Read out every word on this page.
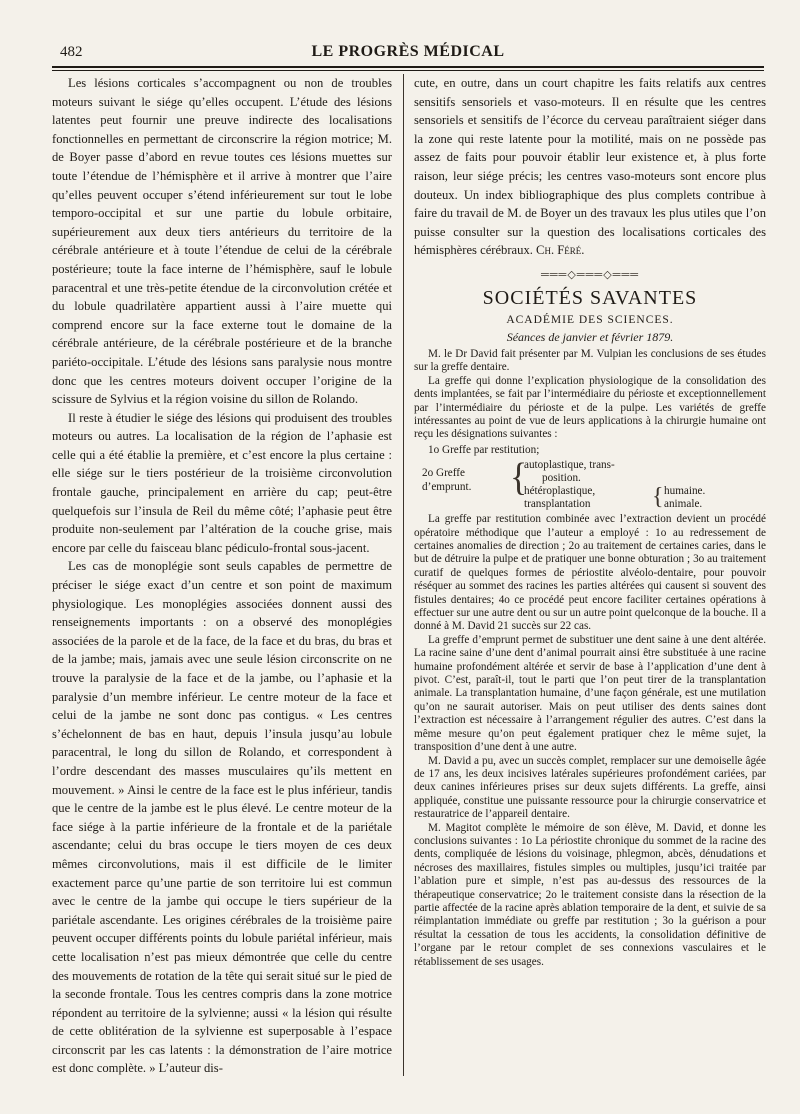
482	LE PROGRÈS MÉDICAL

Les lésions corticales s’accompagnent ou non de troubles moteurs suivant le siége qu’elles occupent. L’étude des lésions latentes peut fournir une preuve indirecte des localisations fonctionnelles en permettant de circonscrire la région motrice; M. de Boyer passe d’abord en revue toutes ces lésions muettes sur toute l’étendue de l’hémisphère et il arrive à montrer que l’aire qu’elles peuvent occuper s’étend inférieurement sur tout le lobe temporo-occipital et sur une partie du lobule orbitaire, supérieurement aux deux tiers antérieurs du territoire de la cérébrale antérieure et à toute l’étendue de celui de la cérébrale postérieure; toute la face interne de l’hémisphère, sauf le lobule paracentral et une très-petite étendue de la circonvolution crétée et du lobule quadrilatère appartient aussi à l’aire muette qui comprend encore sur la face externe tout le domaine de la cérébrale antérieure, de la cérébrale postérieure et de la branche pariéto-occipitale. L’étude des lésions sans paralysie nous montre donc que les centres moteurs doivent occuper l’origine de la scissure de Sylvius et la région voisine du sillon de Rolando.

Il reste à étudier le siége des lésions qui produisent des troubles moteurs ou autres. La localisation de la région de l’aphasie est celle qui a été établie la première, et c’est encore la plus certaine : elle siége sur le tiers postérieur de la troisième circonvolution frontale gauche, principalement en arrière du cap; peut-être quelquefois sur l’insula de Reil du même côté; l’aphasie peut être produite non-seulement par l’altération de la couche grise, mais encore par celle du faisceau blanc pédiculo-frontal sous-jacent.

Les cas de monoplégie sont seuls capables de permettre de préciser le siége exact d’un centre et son point de maximum physiologique. Les monoplégies associées donnent aussi des renseignements importants : on a observé des monoplégies associées de la parole et de la face, de la face et du bras, du bras et de la jambe; mais, jamais avec une seule lésion circonscrite on ne trouve la paralysie de la face et de la jambe, ou l’aphasie et la paralysie d’un membre inférieur. Le centre moteur de la face et celui de la jambe ne sont donc pas contigus. « Les centres s’échelonnent de bas en haut, depuis l’insula jusqu’au lobule paracentral, le long du sillon de Rolando, et correspondent à l’ordre descendant des masses musculaires qu’ils mettent en mouvement. » Ainsi le centre de la face est le plus inférieur, tandis que le centre de la jambe est le plus élevé. Le centre moteur de la face siége à la partie inférieure de la frontale et de la pariétale ascendante; celui du bras occupe le tiers moyen de ces deux mêmes circonvolutions, mais il est difficile de le limiter exactement parce qu’une partie de son territoire lui est commun avec le centre de la jambe qui occupe le tiers supérieur de la pariétale ascendante. Les origines cérébrales de la troisième paire peuvent occuper différents points du lobule pariétal inférieur, mais cette localisation n’est pas mieux démontrée que celle du centre des mouvements de rotation de la tête qui serait situé sur le pied de la seconde frontale. Tous les centres compris dans la zone motrice répondent au territoire de la sylvienne; aussi « la lésion qui résulte de cette oblitération de la sylvienne est superposable à l’espace circonscrit par les cas latents : la démonstration de l’aire motrice est donc complète. » L’auteur dis-

cute, en outre, dans un court chapitre les faits relatifs aux centres sensitifs sensoriels et vaso-moteurs. Il en résulte que les centres sensoriels et sensitifs de l’écorce du cerveau paraîtraient siéger dans la zone qui reste latente pour la motilité, mais on ne possède pas assez de faits pour pouvoir établir leur existence et, à plus forte raison, leur siége précis; les centres vaso-moteurs sont encore plus douteux. Un index bibliographique des plus complets contribue à faire du travail de M. de Boyer un des travaux les plus utiles que l’on puisse consulter sur la question des localisations corticales des hémisphères cérébraux. Ch. Féré.

═══◇═══◇═══
SOCIÉTÉS SAVANTES
ACADÉMIE DES SCIENCES.
Séances de janvier et février 1879.

M. le Dr David fait présenter par M. Vulpian les conclusions de ses études sur la greffe dentaire.

La greffe qui donne l’explication physiologique de la consolidation des dents implantées, se fait par l’intermédiaire du périoste et exceptionnellement par l’intermédiaire du périoste et de la pulpe. Les variétés de greffe intéressantes au point de vue de leurs applications à la chirurgie humaine ont reçu les désignations suivantes :

1o Greffe par restitution;
2o Greffe d’emprunt.	{
autoplastique, trans-
position.
hétéroplastique,
transplantation	{ humaine.
animale.

La greffe par restitution combinée avec l’extraction devient un procédé opératoire méthodique que l’auteur a employé : 1o au redressement de certaines anomalies de direction ; 2o au traitement de certaines caries, dans le but de détruire la pulpe et de pratiquer une bonne obturation ; 3o au traitement curatif de quelques formes de périostite alvéolo-dentaire, pour pouvoir réséquer au sommet des racines les parties altérées qui causent si souvent des fistules dentaires; 4o ce procédé peut encore faciliter certaines opérations à effectuer sur une autre dent ou sur un autre point quelconque de la bouche. Il a donné à M. David 21 succès sur 22 cas.

La greffe d’emprunt permet de substituer une dent saine à une dent altérée. La racine saine d’une dent d’animal pourrait ainsi être substituée à une racine humaine profondément altérée et servir de base à l’application d’une dent à pivot. C’est, paraît-il, tout le parti que l’on peut tirer de la transplantation animale. La transplantation humaine, d’une façon générale, est une mutilation qu’on ne saurait autoriser. Mais on peut utiliser des dents saines dont l’extraction est nécessaire à l’arrangement régulier des autres. C’est dans la même mesure qu’on peut également pratiquer chez le même sujet, la transposition d’une dent à une autre.

M. David a pu, avec un succès complet, remplacer sur une demoiselle âgée de 17 ans, les deux incisives latérales supérieures profondément cariées, par deux canines inférieures prises sur deux sujets différents. La greffe, ainsi appliquée, constitue une puissante ressource pour la chirurgie conservatrice et restauratrice de l’appareil dentaire.

M. Magitot complète le mémoire de son élève, M. David, et donne les conclusions suivantes : 1o La périostite chronique du sommet de la racine des dents, compliquée de lésions du voisinage, phlegmon, abcès, dénudations et nécroses des maxillaires, fistules simples ou multiples, jusqu’ici traitée par l’ablation pure et simple, n’est pas au-dessus des ressources de la thérapeutique conservatrice; 2o le traitement consiste dans la résection de la partie affectée de la racine après ablation temporaire de la dent, et suivie de sa réimplantation immédiate ou greffe par restitution ; 3o la guérison a pour résultat la cessation de tous les accidents, la consolidation définitive de l’organe par le retour complet de ses connexions vasculaires et le rétablissement de ses usages.
